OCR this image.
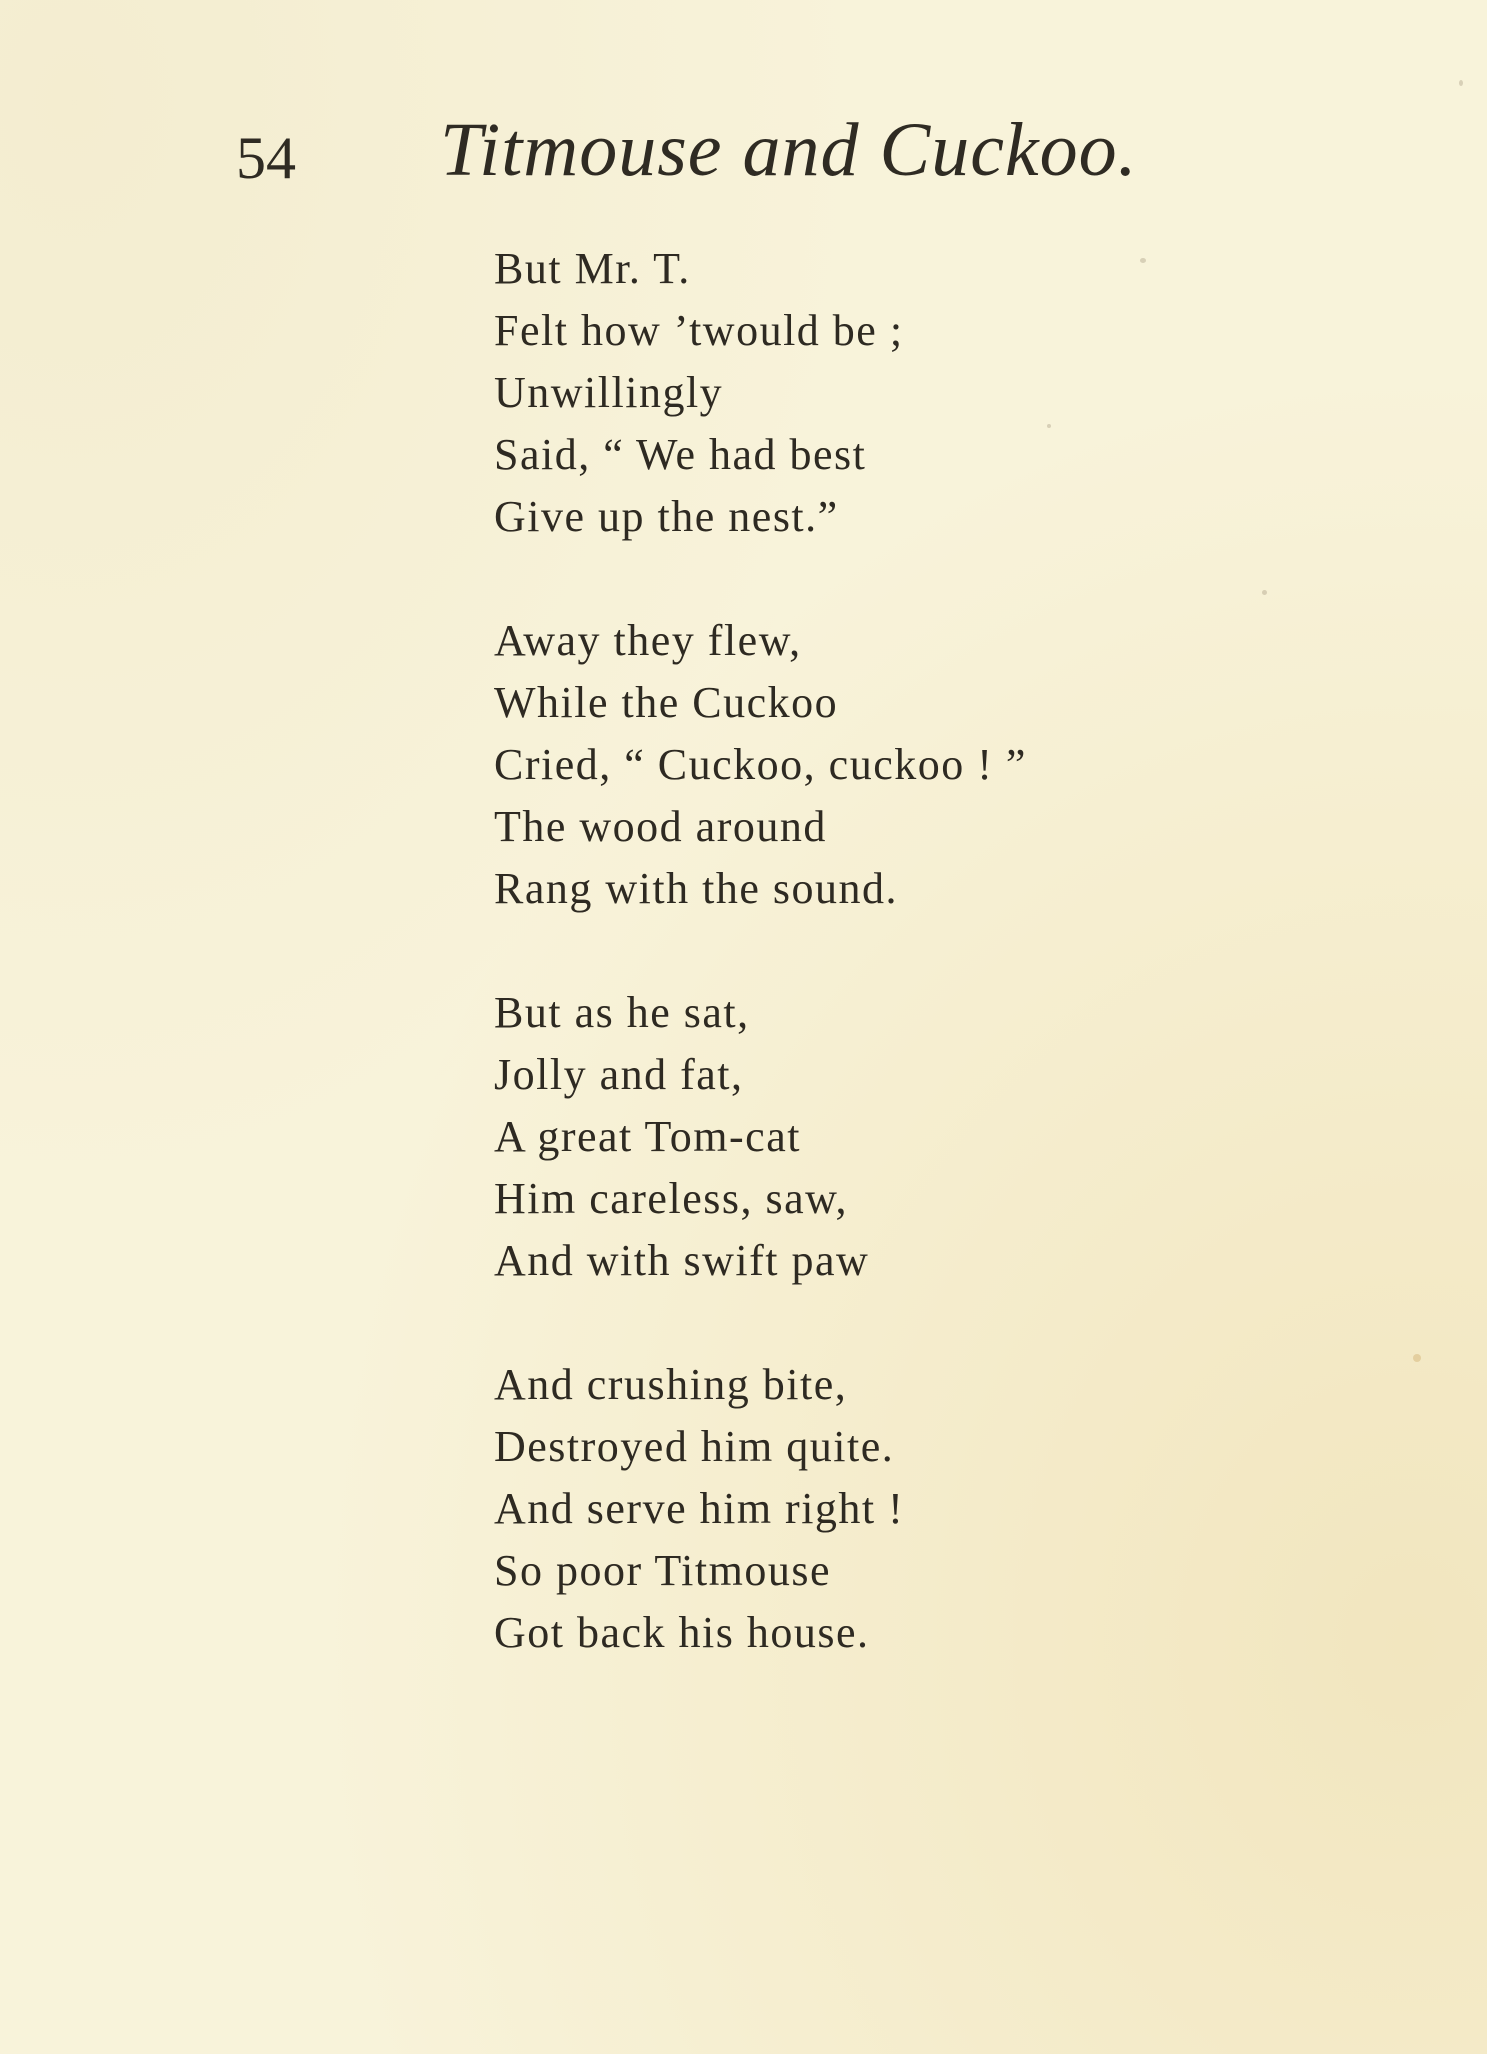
54 Titmouse and Cuckoo.
But Mr. T.
Felt how ’twould be ;
Unwillingly
Said, “ We had best
Give up the nest.”
Away they flew,
While the Cuckoo
Cried, “ Cuckoo, cuckoo ! ”
The wood around
Rang with the sound.
But as he sat,
Jolly and fat,
A great Tom-cat
Him careless, saw,
And with swift paw
And crushing bite,
Destroyed him quite.
And serve him right !
So poor Titmouse
Got back his house.
